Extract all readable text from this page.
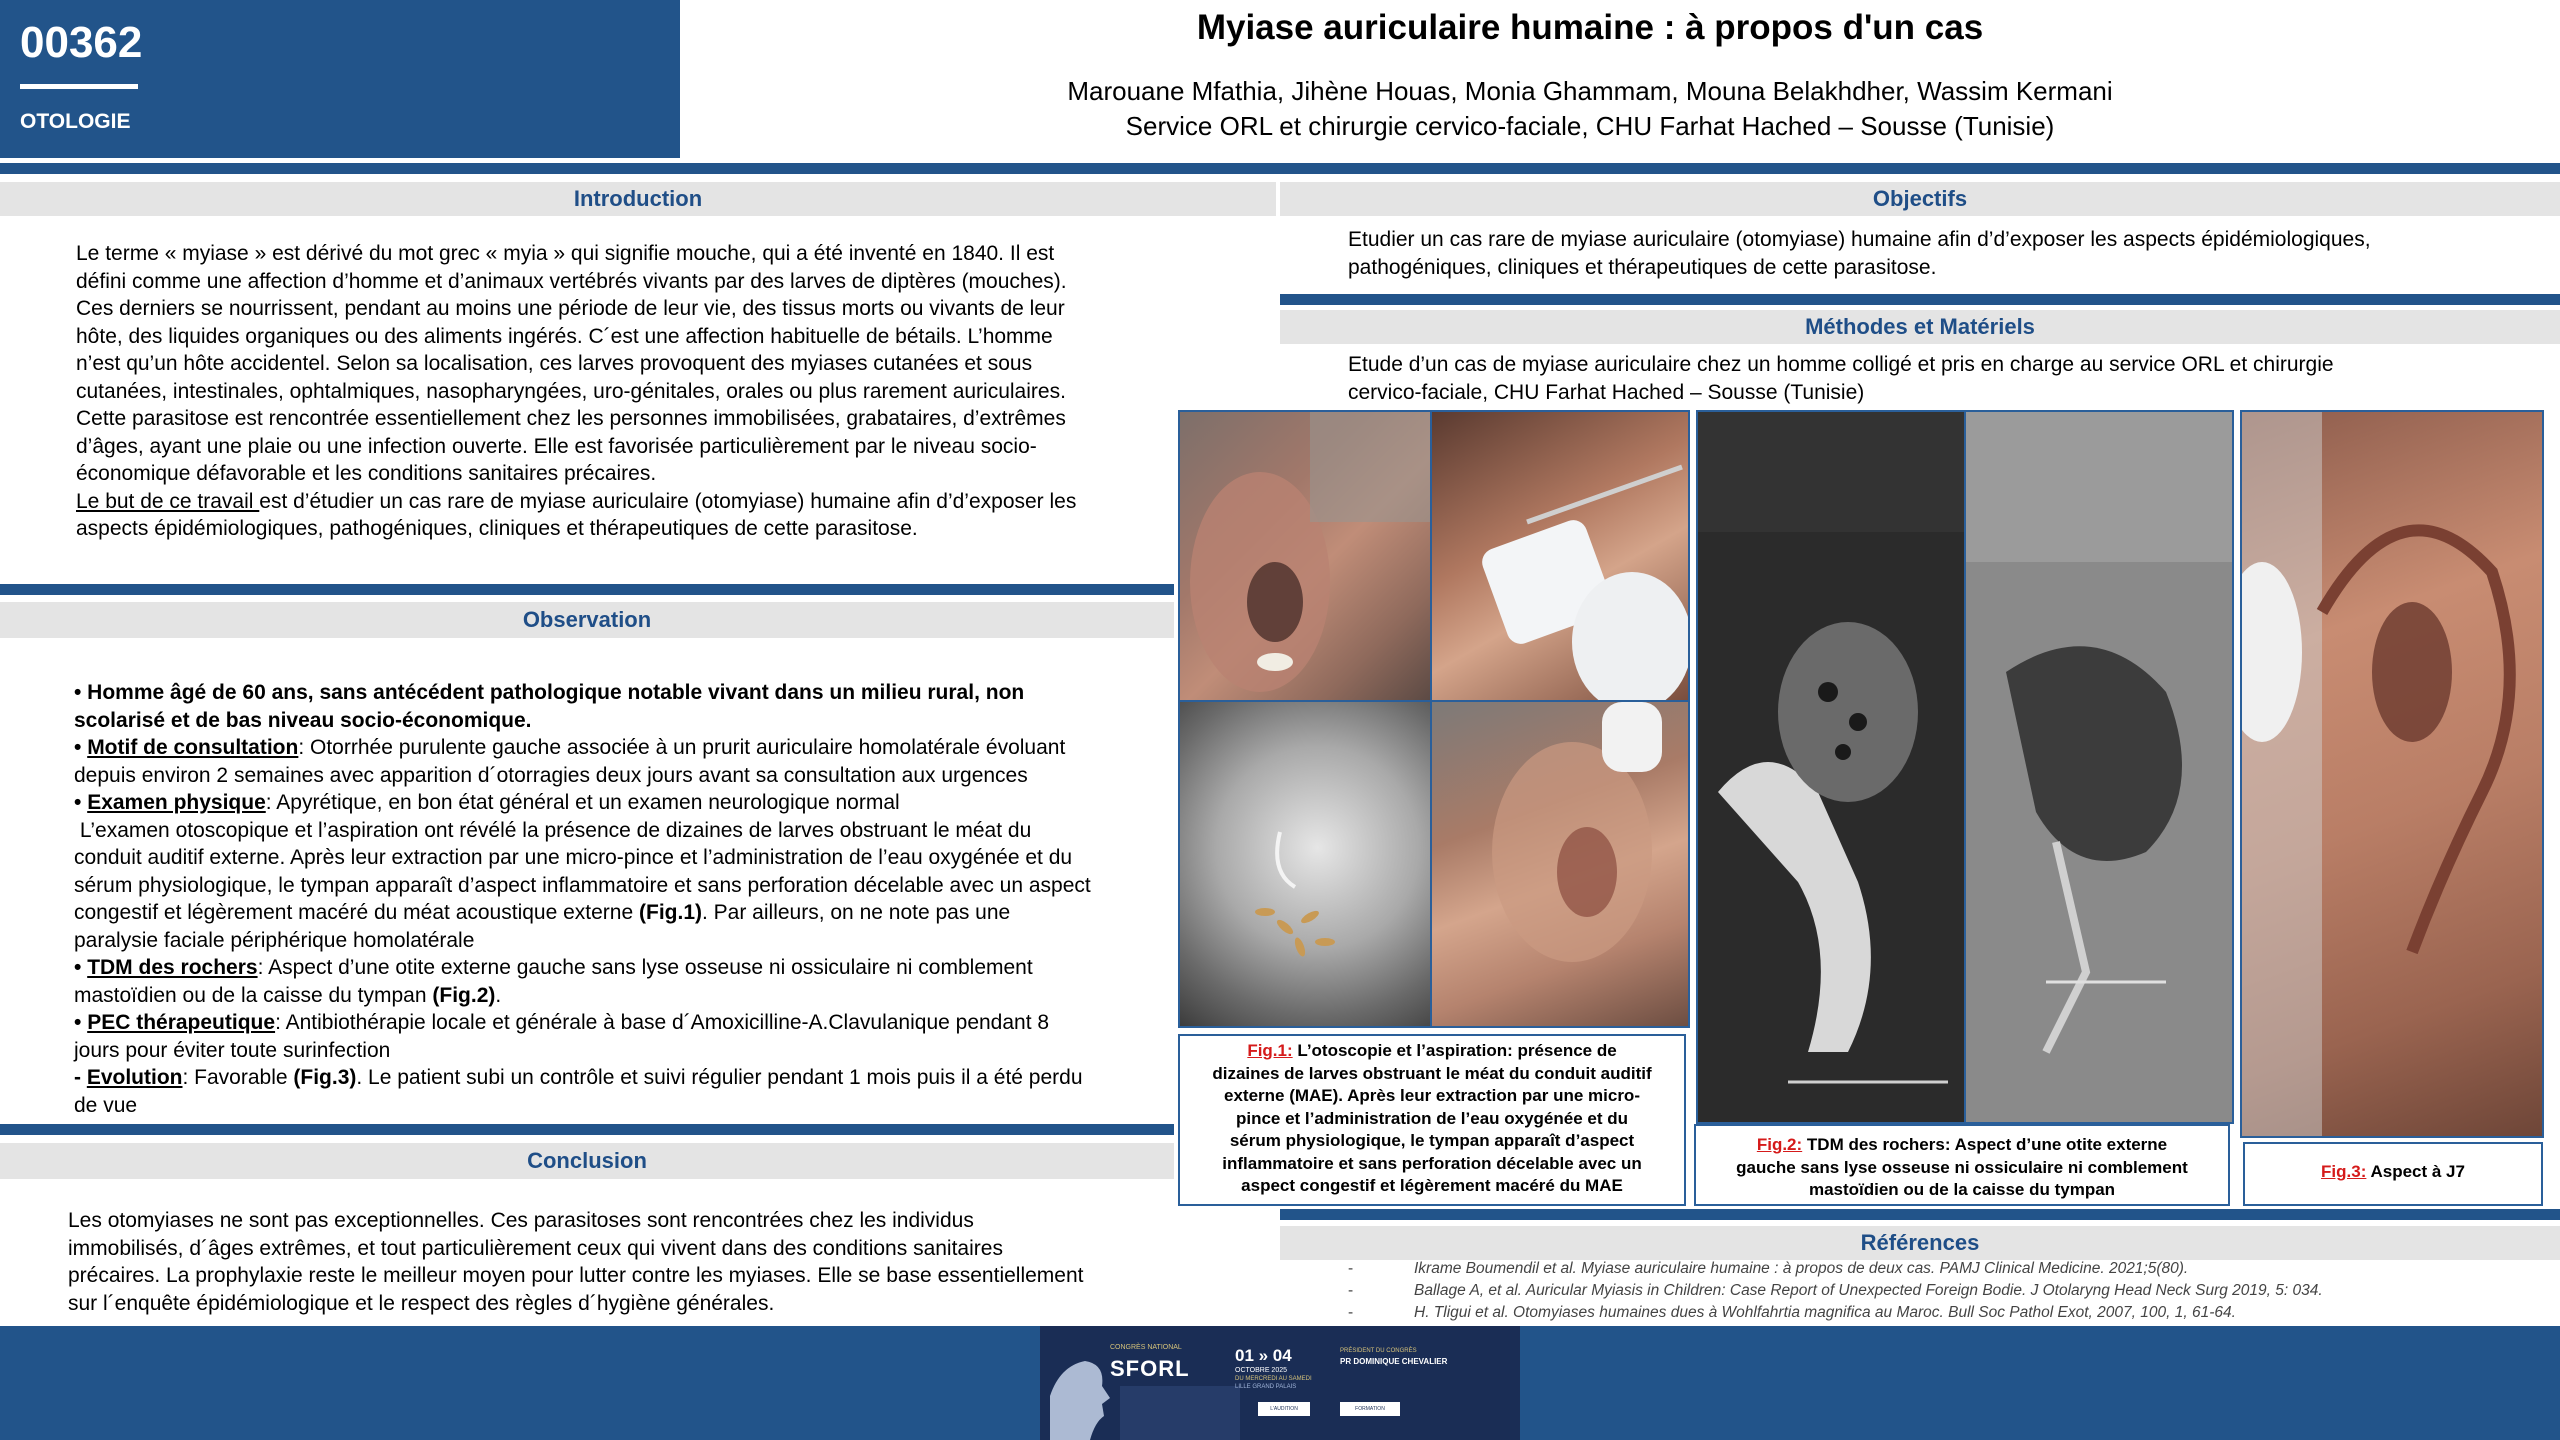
00362
OTOLOGIE
Myiase auriculaire humaine : à propos d'un cas
Marouane Mfathia, Jihène Houas, Monia Ghammam, Mouna Belakhdher, Wassim Kermani
Service ORL et chirurgie cervico-faciale, CHU Farhat Hached – Sousse (Tunisie)
Introduction
Le terme « myiase » est dérivé du mot grec « myia » qui signifie mouche, qui a été inventé en 1840. Il est
défini comme une affection d’homme et d’animaux vertébrés vivants par des larves de diptères (mouches).
Ces derniers se nourrissent, pendant au moins une période de leur vie, des tissus morts ou vivants de leur
hôte, des liquides organiques ou des aliments ingérés. C´est une affection habituelle de bétails. L’homme
n’est qu’un hôte accidentel. Selon sa localisation, ces larves provoquent des myiases cutanées et sous
cutanées, intestinales, ophtalmiques, nasopharyngées, uro-génitales, orales ou plus rarement auriculaires.
Cette parasitose est rencontrée essentiellement chez les personnes immobilisées, grabataires, d’extrêmes
d’âges, ayant une plaie ou une infection ouverte. Elle est favorisée particulièrement par le niveau socio-
économique défavorable et les conditions sanitaires précaires.
Le but de ce travail est d’étudier un cas rare de myiase auriculaire (otomyiase) humaine afin d’d’exposer les
aspects épidémiologiques, pathogéniques, cliniques et thérapeutiques de cette parasitose.
Observation

• Homme âgé de 60 ans, sans antécédent pathologique notable vivant dans un milieu rural, non

scolarisé et de bas niveau socio-économique.

• Motif de consultation: Otorrhée purulente gauche associée à un prurit auriculaire homolatérale évoluant

depuis environ 2 semaines avec apparition d´otorragies deux jours avant sa consultation aux urgences

• Examen physique: Apyrétique, en bon état général et un examen neurologique normal

L’examen otoscopique et l’aspiration ont révélé la présence de dizaines de larves obstruant le méat du

conduit auditif externe. Après leur extraction par une micro-pince et l’administration de l’eau oxygénée et du

sérum physiologique, le tympan apparaît d’aspect inflammatoire et sans perforation décelable avec un aspect

congestif et légèrement macéré du méat acoustique externe (Fig.1). Par ailleurs, on ne note pas une

paralysie faciale périphérique homolatérale

• TDM des rochers: Aspect d’une otite externe gauche sans lyse osseuse ni ossiculaire ni comblement

mastoïdien ou de la caisse du tympan (Fig.2).

• PEC thérapeutique: Antibiothérapie locale et générale à base d´Amoxicilline-A.Clavulanique pendant 8

jours pour éviter toute surinfection

- Evolution: Favorable (Fig.3). Le patient subi un contrôle et suivi régulier pendant 1 mois puis il a été perdu

de vue

Conclusion
Les otomyiases ne sont pas exceptionnelles. Ces parasitoses sont rencontrées chez les individus
immobilisés, d´âges extrêmes, et tout particulièrement ceux qui vivent dans des conditions sanitaires
précaires. La prophylaxie reste le meilleur moyen pour lutter contre les myiases. Elle se base essentiellement
sur l´enquête épidémiologique et le respect des règles d´hygiène générales.
Objectifs
Etudier un cas rare de myiase auriculaire (otomyiase) humaine afin d’d’exposer les aspects épidémiologiques,
pathogéniques, cliniques et thérapeutiques de cette parasitose.
Méthodes et Matériels
Etude d’un cas de myiase auriculaire chez un homme colligé et pris en charge au service ORL et chirurgie
cervico-faciale, CHU Farhat Hached – Sousse (Tunisie)
Fig.1: L’otoscopie et l’aspiration: présence de
dizaines de larves obstruant le méat du conduit auditif
externe (MAE). Après leur extraction par une micro-
pince et l’administration de l’eau oxygénée et du
sérum physiologique, le tympan apparaît d’aspect
inflammatoire et sans perforation décelable avec un
aspect congestif et légèrement macéré du MAE
Fig.2: TDM des rochers: Aspect d’une otite externe
gauche sans lyse osseuse ni ossiculaire ni comblement
mastoïdien ou de la caisse du tympan
Fig.3: Aspect à J7
Références
-	Ikrame Boumendil et al. Myiase auriculaire humaine : à propos de deux cas. PAMJ Clinical Medicine. 2021;5(80).
-	Ballage A, et al. Auricular Myiasis in Children: Case Report of Unexpected Foreign Bodie. J Otolaryng Head Neck Surg 2019, 5: 034.
-	H. Tligui et al. Otomyiases humaines dues à Wohlfahrtia magnifica au Maroc. Bull Soc Pathol Exot, 2007, 100, 1, 61-64.
CONGRÈS NATIONAL
SFORL
01 » 04
OCTOBRE 2025
DU MERCREDI AU SAMEDI
LILLE GRAND PALAIS
PRÉSIDENT DU CONGRÈS
PR DOMINIQUE CHEVALIER
L'AUDITION	FORMATION
